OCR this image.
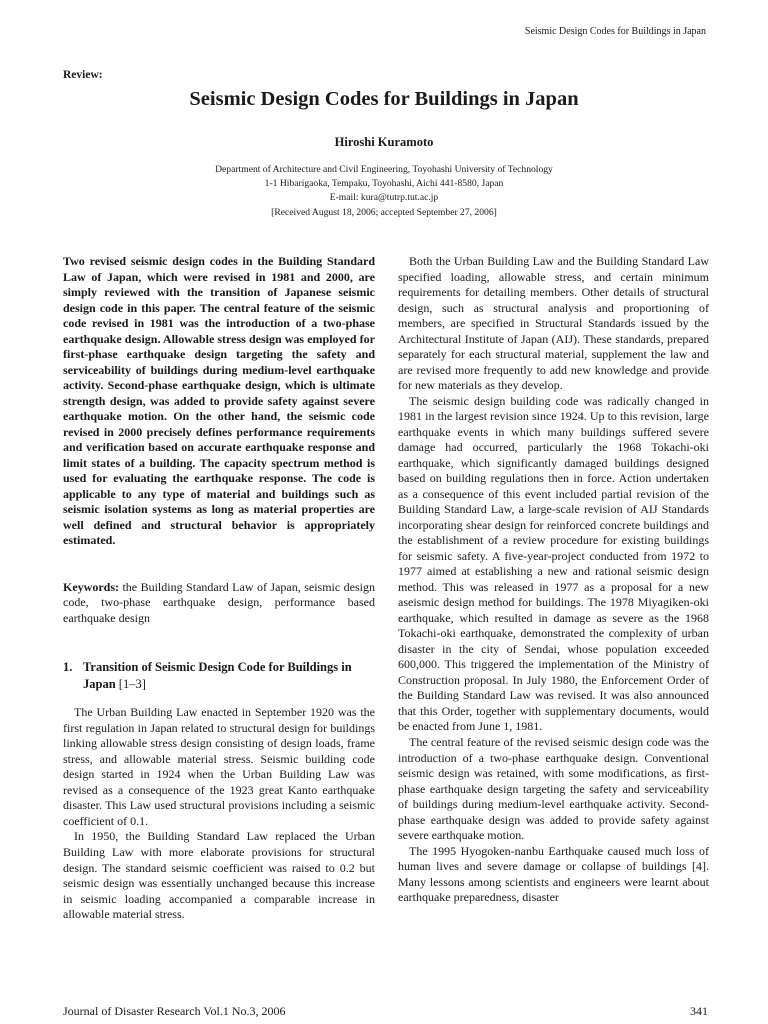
Seismic Design Codes for Buildings in Japan
Review:
Seismic Design Codes for Buildings in Japan
Hiroshi Kuramoto
Department of Architecture and Civil Engineering, Toyohashi University of Technology
1-1 Hibarigaoka, Tempaku, Toyohashi, Aichi 441-8580, Japan
E-mail: kura@tutrp.tut.ac.jp
[Received August 18, 2006; accepted September 27, 2006]

Two revised seismic design codes in the Building Standard Law of Japan, which were revised in 1981 and 2000, are simply reviewed with the transition of Japanese seismic design code in this paper. The central feature of the seismic code revised in 1981 was the introduction of a two-phase earthquake design. Allowable stress design was employed for first-phase earthquake design targeting the safety and serviceability of buildings during medium-level earthquake activity. Second-phase earthquake design, which is ultimate strength design, was added to provide safety against severe earthquake motion. On the other hand, the seismic code revised in 2000 precisely defines performance requirements and verification based on accurate earthquake response and limit states of a building. The capacity spectrum method is used for evaluating the earthquake response. The code is applicable to any type of material and buildings such as seismic isolation systems as long as material properties are well defined and structural behavior is appropriately estimated.

Keywords: the Building Standard Law of Japan, seismic design code, two-phase earthquake design, performance based earthquake design

1. Transition of Seismic Design Code for Buildings in Japan [1–3]

The Urban Building Law enacted in September 1920 was the first regulation in Japan related to structural design for buildings linking allowable stress design consisting of design loads, frame stress, and allowable material stress. Seismic building code design started in 1924 when the Urban Building Law was revised as a consequence of the 1923 great Kanto earthquake disaster. This Law used structural provisions including a seismic coefficient of 0.1.

In 1950, the Building Standard Law replaced the Urban Building Law with more elaborate provisions for structural design. The standard seismic coefficient was raised to 0.2 but seismic design was essentially unchanged because this increase in seismic loading accompanied a comparable increase in allowable material stress.

Both the Urban Building Law and the Building Standard Law specified loading, allowable stress, and certain minimum requirements for detailing members. Other details of structural design, such as structural analysis and proportioning of members, are specified in Structural Standards issued by the Architectural Institute of Japan (AIJ). These standards, prepared separately for each structural material, supplement the law and are revised more frequently to add new knowledge and provide for new materials as they develop.

The seismic design building code was radically changed in 1981 in the largest revision since 1924. Up to this revision, large earthquake events in which many buildings suffered severe damage had occurred, particularly the 1968 Tokachi-oki earthquake, which significantly damaged buildings designed based on building regulations then in force. Action undertaken as a consequence of this event included partial revision of the Building Standard Law, a large-scale revision of AIJ Standards incorporating shear design for reinforced concrete buildings and the establishment of a review procedure for existing buildings for seismic safety. A five-year-project conducted from 1972 to 1977 aimed at establishing a new and rational seismic design method. This was released in 1977 as a proposal for a new aseismic design method for buildings. The 1978 Miyagiken-oki earthquake, which resulted in damage as severe as the 1968 Tokachi-oki earthquake, demonstrated the complexity of urban disaster in the city of Sendai, whose population exceeded 600,000. This triggered the implementation of the Ministry of Construction proposal. In July 1980, the Enforcement Order of the Building Standard Law was revised. It was also announced that this Order, together with supplementary documents, would be enacted from June 1, 1981.

The central feature of the revised seismic design code was the introduction of a two-phase earthquake design. Conventional seismic design was retained, with some modifications, as first-phase earthquake design targeting the safety and serviceability of buildings during medium-level earthquake activity. Second-phase earthquake design was added to provide safety against severe earthquake motion.

The 1995 Hyogoken-nanbu Earthquake caused much loss of human lives and severe damage or collapse of buildings [4]. Many lessons among scientists and engineers were learnt about earthquake preparedness, disaster

Journal of Disaster Research Vol.1 No.3, 2006	341
